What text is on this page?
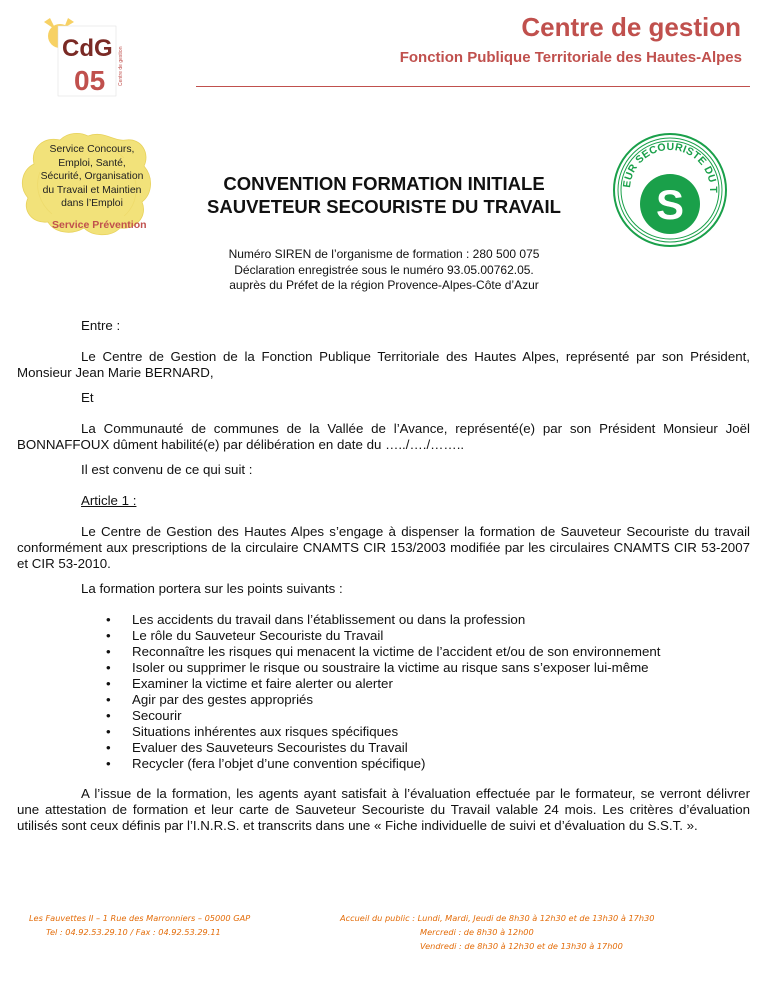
CdG
05	Centre de gestion
Centre de gestion
Fonction Publique Territoriale des Hautes-Alpes
Service Concours,
Emploi, Santé,
Sécurité, Organisation
du Travail et Maintien
dans l’Emploi
Service Prévention
CONVENTION FORMATION INITIALE
SAUVETEUR SECOURISTE DU TRAVAIL
EUR SECOURISTE DU T
S
Numéro SIREN de l’organisme de formation : 280 500 075
Déclaration enregistrée sous le numéro 93.05.00762.05.
auprès du Préfet de la région Provence-Alpes-Côte d’Azur
Entre :
Le Centre de Gestion de la Fonction Publique Territoriale des Hautes Alpes, représenté par son Président, Monsieur Jean Marie BERNARD,
Et
La Communauté de communes de la Vallée de l’Avance, représenté(e) par son Président Monsieur Joël BONNAFFOUX dûment habilité(e) par délibération en date du …../…./……..
Il est convenu de ce qui suit :
Article 1 :
Le Centre de Gestion des Hautes Alpes s’engage à dispenser la formation de Sauveteur Secouriste du travail conformément aux prescriptions de la circulaire CNAMTS CIR 153/2003 modifiée par les circulaires CNAMTS CIR 53-2007 et CIR 53-2010.
La formation portera sur les points suivants :
• Les accidents du travail dans l’établissement ou dans la profession
• Le rôle du Sauveteur Secouriste du Travail
• Reconnaître les risques qui menacent la victime de l’accident et/ou de son environnement
• Isoler ou supprimer le risque ou soustraire la victime au risque sans s’exposer lui-même
• Examiner la victime et faire alerter ou alerter
• Agir par des gestes appropriés
• Secourir
• Situations inhérentes aux risques spécifiques
• Evaluer des Sauveteurs Secouristes du Travail
• Recycler (fera l’objet d’une convention spécifique)
A l’issue de la formation, les agents ayant satisfait à l’évaluation effectuée par le formateur, se verront délivrer une attestation de formation et leur carte de Sauveteur Secouriste du Travail valable 24 mois. Les critères d’évaluation utilisés sont ceux définis par l’I.N.R.S. et transcrits dans une « Fiche individuelle de suivi et d’évaluation du S.S.T. ».
Les Fauvettes II – 1 Rue des Marronniers – 05000 GAP
Tel : 04.92.53.29.10 / Fax : 04.92.53.29.11
Accueil du public : Lundi, Mardi, Jeudi de 8h30 à 12h30 et de 13h30 à 17h30
Mercredi : de 8h30 à 12h00
Vendredi : de 8h30 à 12h30 et de 13h30 à 17h00
